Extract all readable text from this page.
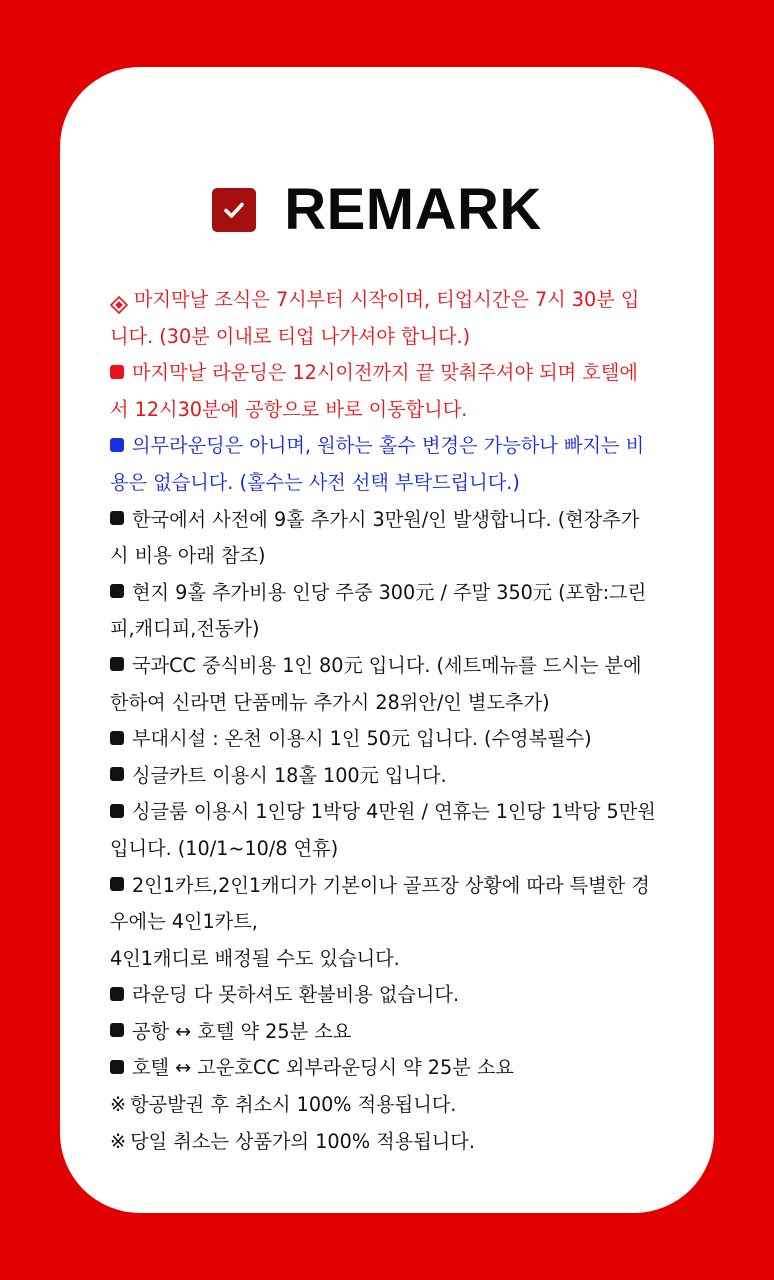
REMARK
마지막날 조식은 7시부터 시작이며, 티업시간은 7시 30분 입
니다. (30분 이내로 티업 나가셔야 합니다.)
마지막날 라운딩은 12시이전까지 끝 맞춰주셔야 되며 호텔에
서 12시30분에 공항으로 바로 이동합니다.
의무라운딩은 아니며, 원하는 홀수 변경은 가능하나 빠지는 비
용은 없습니다. (홀수는 사전 선택 부탁드립니다.)
한국에서 사전에 9홀 추가시 3만원/인 발생합니다. (현장추가
시 비용 아래 참조)
현지 9홀 추가비용 인당 주중 300元 / 주말 350元 (포함:그린
피,캐디피,전동카)
국과CC 중식비용 1인 80元 입니다. (세트메뉴를 드시는 분에
한하여 신라면 단품메뉴 추가시 28위안/인 별도추가)
부대시설 : 온천 이용시 1인 50元 입니다. (수영복필수)
싱글카트 이용시 18홀 100元 입니다.
싱글룸 이용시 1인당 1박당 4만원 / 연휴는 1인당 1박당 5만원
입니다. (10/1~10/8 연휴)
2인1카트,2인1캐디가 기본이나 골프장 상황에 따라 특별한 경
우에는 4인1카트,
4인1캐디로 배정될 수도 있습니다.
라운딩 다 못하셔도 환불비용 없습니다.
공항 ↔ 호텔 약 25분 소요
호텔 ↔ 고운호CC 외부라운딩시 약 25분 소요
※ 항공발권 후 취소시 100% 적용됩니다.
※ 당일 취소는 상품가의 100% 적용됩니다.
